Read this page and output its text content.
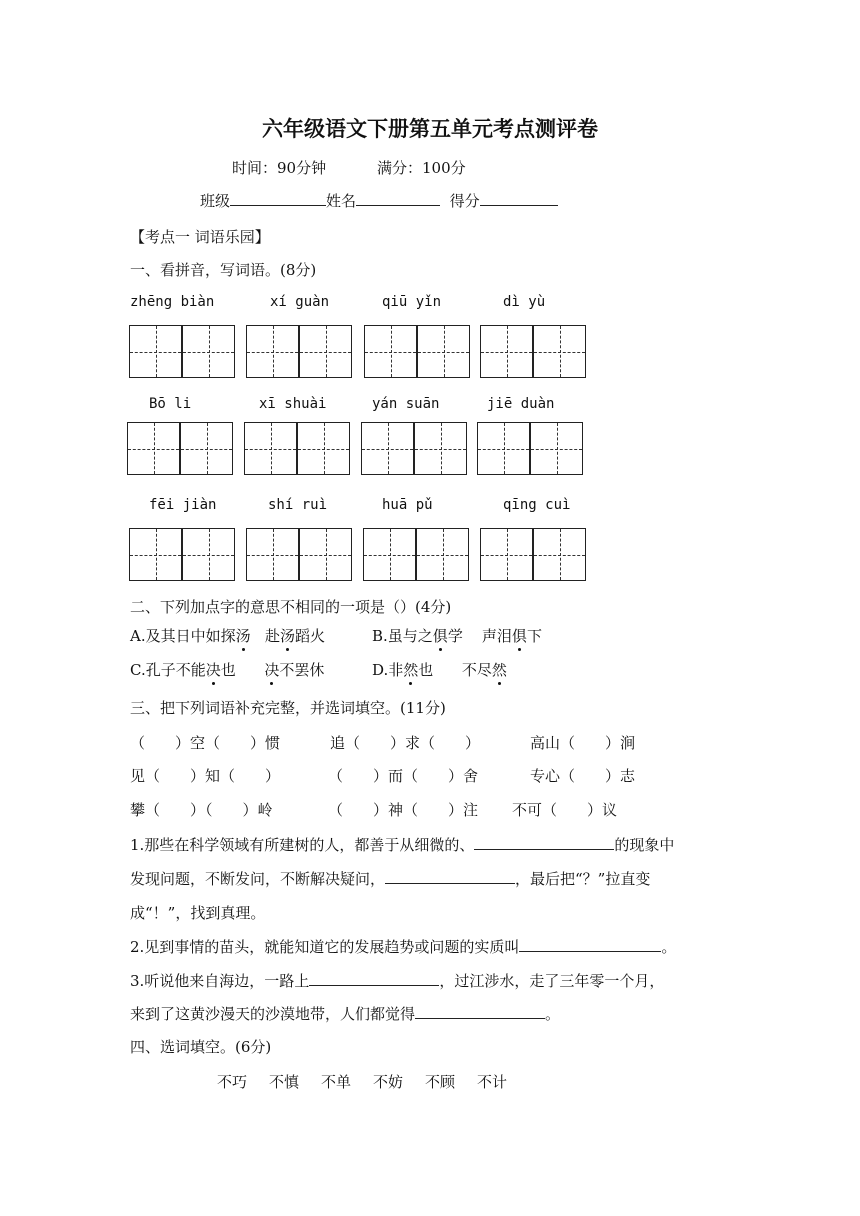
六年级语文下册第五单元考点测评卷
时间：90分钟	满分：100分
班级	姓名	得分
【考点一 词语乐园】
一、看拼音，写词语。(8分)
zhēng biàn	xí guàn	qiū yǐn	dì yù
Bō li	xī shuài	yán suān	jiē duàn
fēi jiàn	shí ruì	huā pǔ	qīng cuì
二、下列加点字的意思不相同的一项是（）(4分)
A.及其日中如探汤 赴汤蹈火	B.虽与之俱学 声泪俱下
C.孔子不能决也 决不罢休	D.非然也 不尽然
三、把下列词语补充完整，并选词填空。(11分)
（　　）空（　　）惯	追（　　）求（　　）	高山（　　）涧
见（　　）知（　　）	（　　）而（　　）舍	专心（　　）志
攀（　　）（　　）岭	（　　）神（　　）注 不可（　　）议
1.那些在科学领域有所建树的人，都善于从细微的、	的现象中
发现问题，不断发问，不断解决疑问，	，最后把“？”拉直变
成“！”，找到真理。
2.见到事情的苗头，就能知道它的发展趋势或问题的实质叫	。
3.听说他来自海边，一路上	，过江涉水，走了三年零一个月，
来到了这黄沙漫天的沙漠地带，人们都觉得	。
四、选词填空。(6分)
不巧 不慎 不单 不妨 不顾 不计
